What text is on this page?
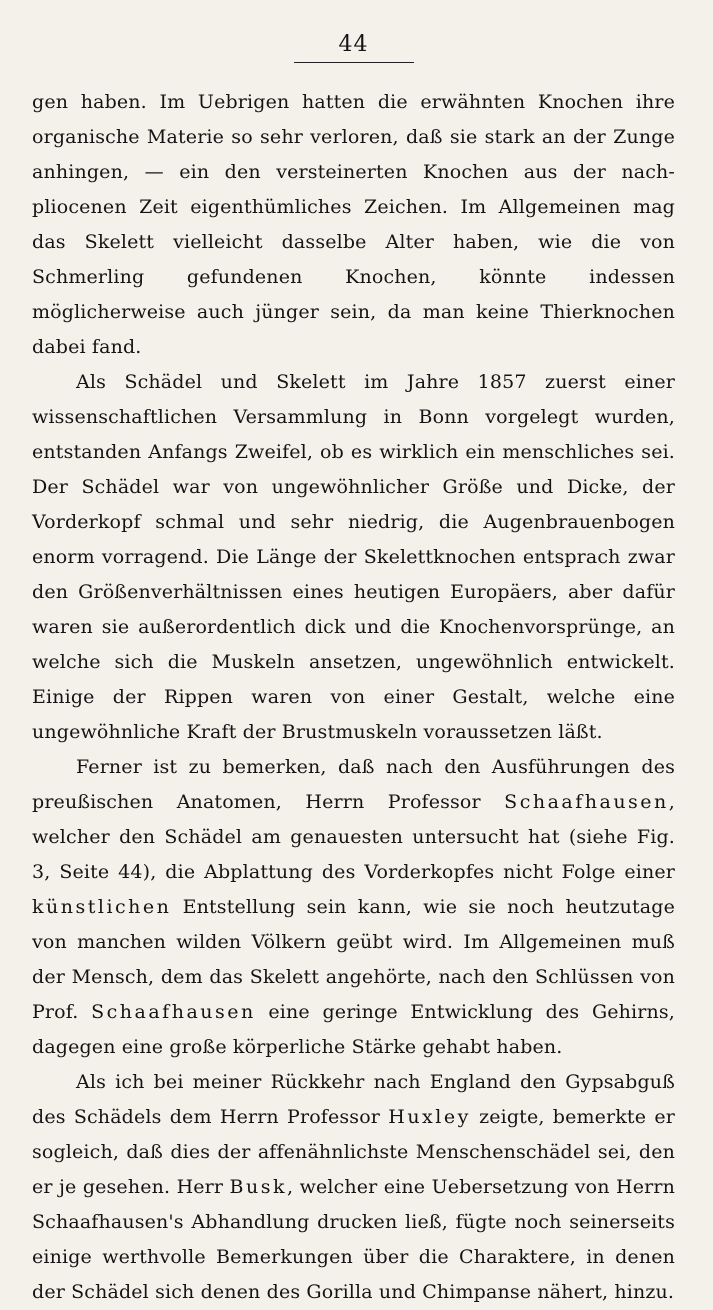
44

gen haben. Im Uebrigen hatten die erwähnten Knochen ihre organische Materie so sehr verloren, daß sie stark an der Zunge anhingen, — ein den versteinerten Knochen aus der nach-pliocenen Zeit eigenthümliches Zeichen. Im Allgemeinen mag das Skelett vielleicht dasselbe Alter haben, wie die von Schmerling gefundenen Knochen, könnte indessen möglicherweise auch jünger sein, da man keine Thierknochen dabei fand.

Als Schädel und Skelett im Jahre 1857 zuerst einer wissenschaftlichen Versammlung in Bonn vorgelegt wurden, entstanden Anfangs Zweifel, ob es wirklich ein menschliches sei. Der Schädel war von ungewöhnlicher Größe und Dicke, der Vorderkopf schmal und sehr niedrig, die Augenbrauenbogen enorm vorragend. Die Länge der Skelettknochen entsprach zwar den Größenverhältnissen eines heutigen Europäers, aber dafür waren sie außerordentlich dick und die Knochenvorsprünge, an welche sich die Muskeln ansetzen, ungewöhnlich entwickelt. Einige der Rippen waren von einer Gestalt, welche eine ungewöhnliche Kraft der Brustmuskeln voraussetzen läßt.

Ferner ist zu bemerken, daß nach den Ausführungen des preußischen Anatomen, Herrn Professor Schaafhausen, welcher den Schädel am genauesten untersucht hat (siehe Fig. 3, Seite 44), die Abplattung des Vorderkopfes nicht Folge einer künstlichen Entstellung sein kann, wie sie noch heutzutage von manchen wilden Völkern geübt wird. Im Allgemeinen muß der Mensch, dem das Skelett angehörte, nach den Schlüssen von Prof. Schaafhausen eine geringe Entwicklung des Gehirns, dagegen eine große körperliche Stärke gehabt haben.

Als ich bei meiner Rückkehr nach England den Gypsabguß des Schädels dem Herrn Professor Huxley zeigte, bemerkte er sogleich, daß dies der affenähnlichste Menschenschädel sei, den er je gesehen. Herr Busk, welcher eine Uebersetzung von Herrn Schaafhausen's Abhandlung drucken ließ, fügte noch seinerseits einige werthvolle Bemerkungen über die Charaktere, in denen der Schädel sich denen des Gorilla und Chimpanse nähert, hinzu.
